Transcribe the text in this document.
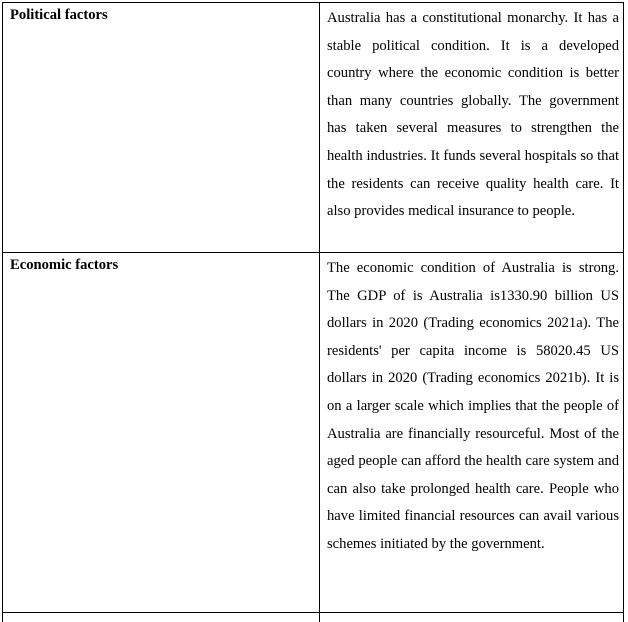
Political factors	Australia has a constitutional monarchy. It has a stable political condition. It is a developed country where the economic condition is better than many countries globally. The government has taken several measures to strengthen the health industries. It funds several hospitals so that the residents can receive quality health care. It also provides medical insurance to people.
Economic factors	The economic condition of Australia is strong. The GDP of is Australia is1330.90 billion US dollars in 2020 (Trading economics 2021a). The residents' per capita income is 58020.45 US dollars in 2020 (Trading economics 2021b). It is on a larger scale which implies that the people of Australia are financially resourceful. Most of the aged people can afford the health care system and can also take prolonged health care. People who have limited financial resources can avail various schemes initiated by the government.
